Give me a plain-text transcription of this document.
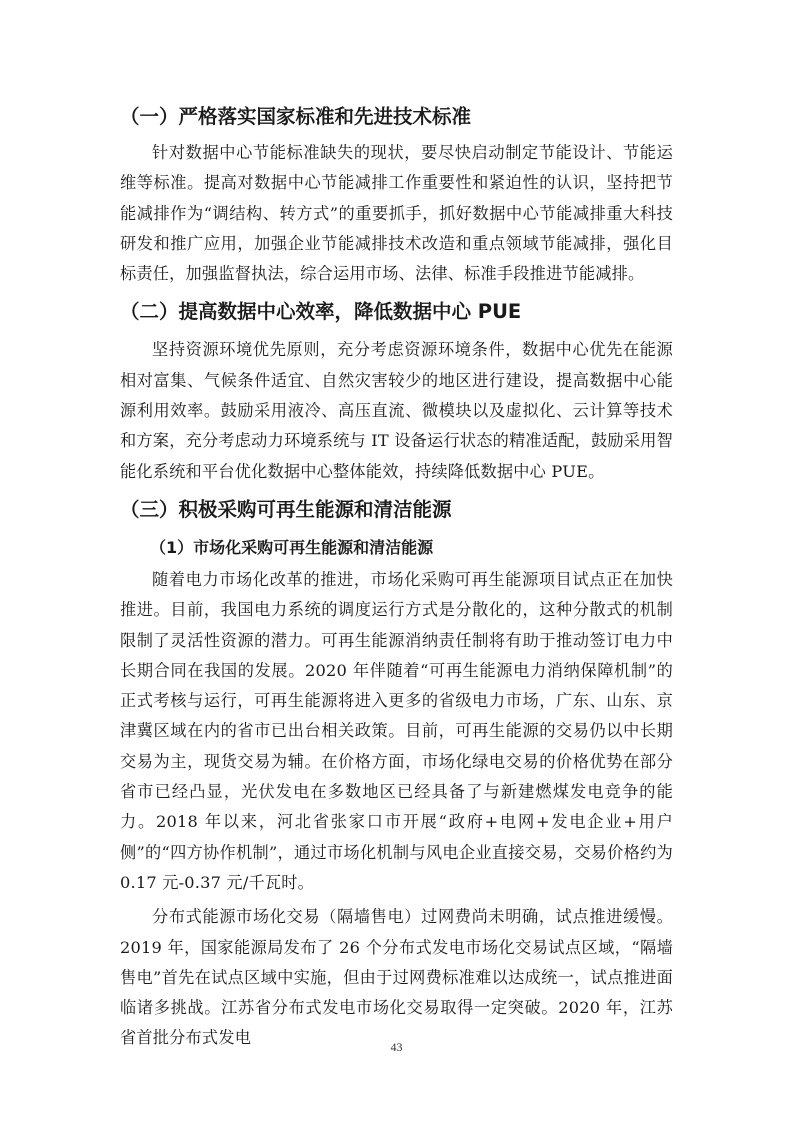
（一）严格落实国家标准和先进技术标准

针对数据中心节能标准缺失的现状，要尽快启动制定节能设计、节能运维等标准。提高对数据中心节能减排工作重要性和紧迫性的认识，坚持把节能减排作为“调结构、转方式”的重要抓手，抓好数据中心节能减排重大科技研发和推广应用，加强企业节能减排技术改造和重点领域节能减排，强化目标责任，加强监督执法，综合运用市场、法律、标准手段推进节能减排。

（二）提高数据中心效率，降低数据中心 PUE

坚持资源环境优先原则，充分考虑资源环境条件，数据中心优先在能源相对富集、气候条件适宜、自然灾害较少的地区进行建设，提高数据中心能源利用效率。鼓励采用液冷、高压直流、微模块以及虚拟化、云计算等技术和方案，充分考虑动力环境系统与 IT 设备运行状态的精准适配，鼓励采用智能化系统和平台优化数据中心整体能效，持续降低数据中心 PUE。

（三）积极采购可再生能源和清洁能源
（1）市场化采购可再生能源和清洁能源

随着电力市场化改革的推进，市场化采购可再生能源项目试点正在加快推进。目前，我国电力系统的调度运行方式是分散化的，这种分散式的机制限制了灵活性资源的潜力。可再生能源消纳责任制将有助于推动签订电力中长期合同在我国的发展。2020 年伴随着“可再生能源电力消纳保障机制”的正式考核与运行，可再生能源将进入更多的省级电力市场，广东、山东、京津冀区域在内的省市已出台相关政策。目前，可再生能源的交易仍以中长期交易为主，现货交易为辅。在价格方面，市场化绿电交易的价格优势在部分省市已经凸显，光伏发电在多数地区已经具备了与新建燃煤发电竞争的能力。2018 年以来，河北省张家口市开展“政府+电网+发电企业+用户侧”的“四方协作机制”，通过市场化机制与风电企业直接交易，交易价格约为 0.17 元-0.37 元/千瓦时。

分布式能源市场化交易（隔墙售电）过网费尚未明确，试点推进缓慢。2019 年，国家能源局发布了 26 个分布式发电市场化交易试点区域，“隔墙售电”首先在试点区域中实施，但由于过网费标准难以达成统一，试点推进面临诸多挑战。江苏省分布式发电市场化交易取得一定突破。2020 年，江苏省首批分布式发电	43
